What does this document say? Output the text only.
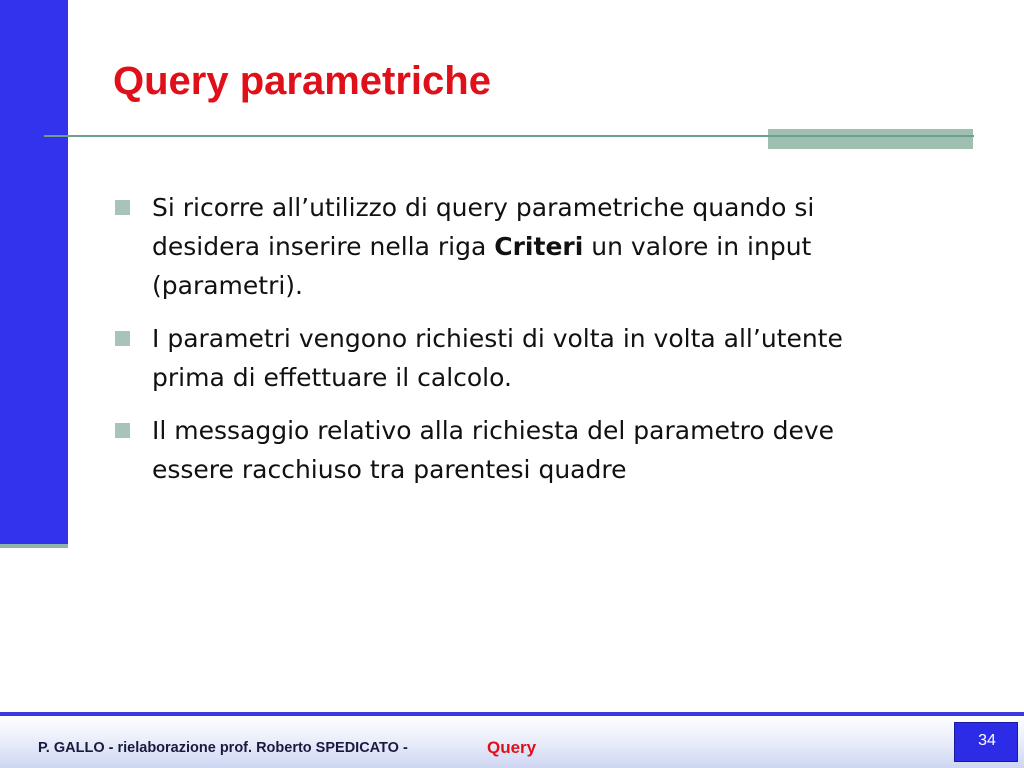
Query parametriche
Si ricorre all’utilizzo di query parametriche quando si desidera inserire nella riga Criteri un valore in input (parametri).
I parametri vengono richiesti di volta in volta all’utente prima di effettuare il calcolo.
Il messaggio relativo alla richiesta del parametro deve essere racchiuso tra parentesi quadre
P. GALLO - rielaborazione prof. Roberto SPEDICATO -	Query	34
